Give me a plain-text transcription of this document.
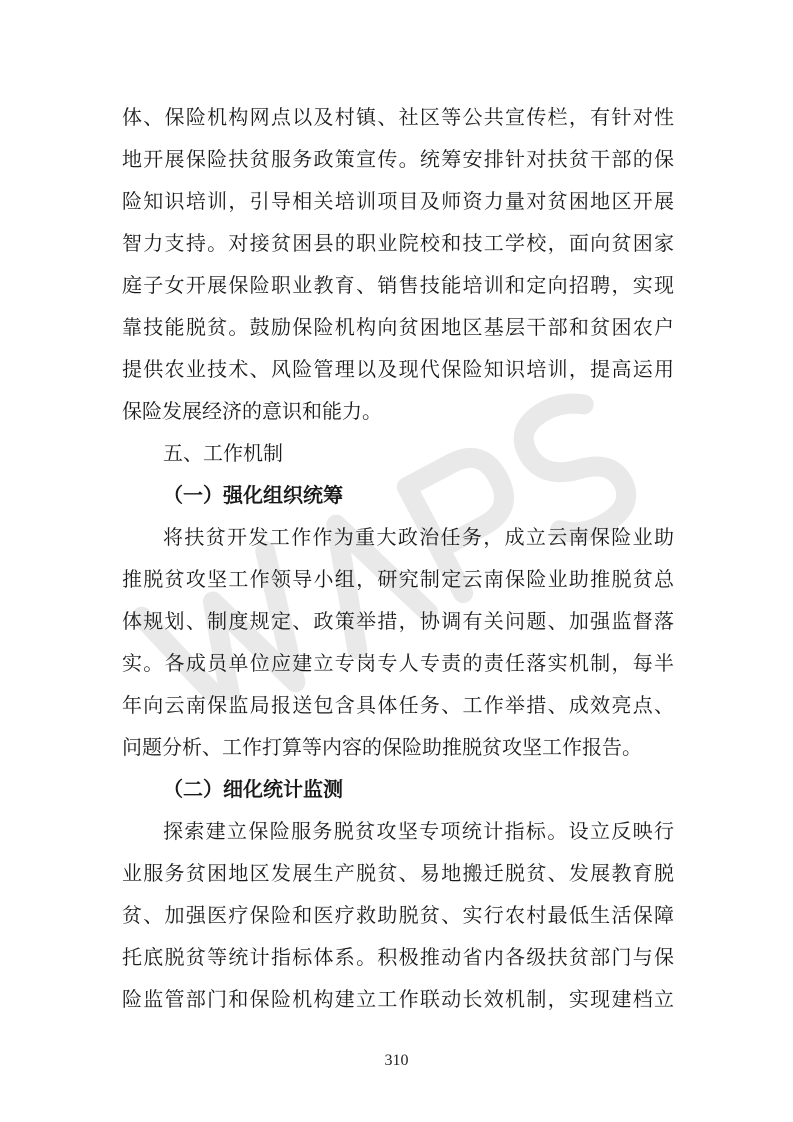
体、保险机构网点以及村镇、社区等公共宣传栏，有针对性
地开展保险扶贫服务政策宣传。统筹安排针对扶贫干部的保
险知识培训，引导相关培训项目及师资力量对贫困地区开展
智力支持。对接贫困县的职业院校和技工学校，面向贫困家
庭子女开展保险职业教育、销售技能培训和定向招聘，实现
靠技能脱贫。鼓励保险机构向贫困地区基层干部和贫困农户
提供农业技术、风险管理以及现代保险知识培训，提高运用
保险发展经济的意识和能力。
五、工作机制
（一）强化组织统筹
将扶贫开发工作作为重大政治任务，成立云南保险业助
推脱贫攻坚工作领导小组，研究制定云南保险业助推脱贫总
体规划、制度规定、政策举措，协调有关问题、加强监督落
实。各成员单位应建立专岗专人专责的责任落实机制，每半
年向云南保监局报送包含具体任务、工作举措、成效亮点、
问题分析、工作打算等内容的保险助推脱贫攻坚工作报告。
（二）细化统计监测
探索建立保险服务脱贫攻坚专项统计指标。设立反映行
业服务贫困地区发展生产脱贫、易地搬迁脱贫、发展教育脱
贫、加强医疗保险和医疗救助脱贫、实行农村最低生活保障
托底脱贫等统计指标体系。积极推动省内各级扶贫部门与保
险监管部门和保险机构建立工作联动长效机制，实现建档立
310
